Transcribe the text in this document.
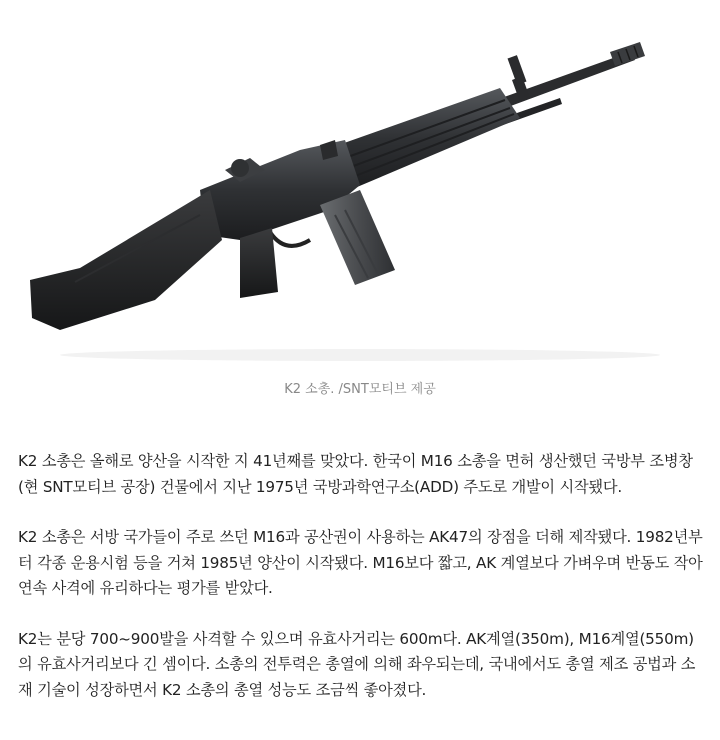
K2 소총. /SNT모티브 제공

K2 소총은 올해로 양산을 시작한 지 41년째를 맞았다. 한국이 M16 소총을 면허 생산했던 국방부 조병창(현 SNT모티브 공장) 건물에서 지난 1975년 국방과학연구소(ADD) 주도로 개발이 시작됐다.

K2 소총은 서방 국가들이 주로 쓰던 M16과 공산권이 사용하는 AK47의 장점을 더해 제작됐다. 1982년부터 각종 운용시험 등을 거쳐 1985년 양산이 시작됐다. M16보다 짧고, AK 계열보다 가벼우며 반동도 작아 연속 사격에 유리하다는 평가를 받았다.

K2는 분당 700~900발을 사격할 수 있으며 유효사거리는 600m다. AK계열(350m), M16계열(550m)의 유효사거리보다 긴 셈이다. 소총의 전투력은 총열에 의해 좌우되는데, 국내에서도 총열 제조 공법과 소재 기술이 성장하면서 K2 소총의 총열 성능도 조금씩 좋아졌다.
